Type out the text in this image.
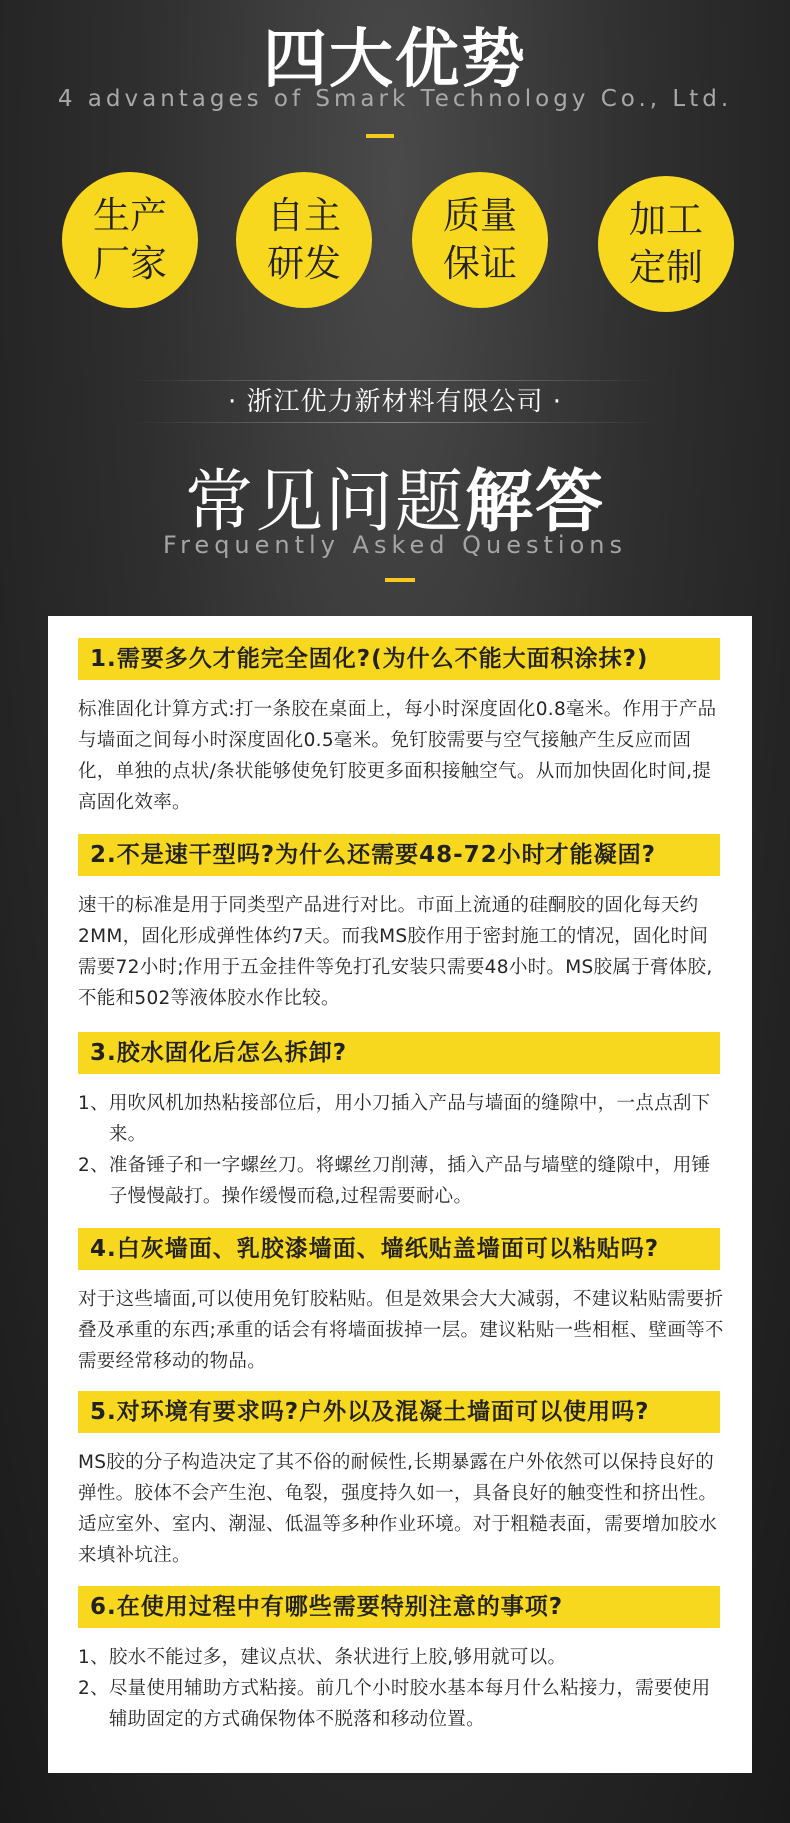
四大优势
4 advantages of Smark Technology Co., Ltd.
生产
厂家
自主
研发
质量
保证
加工
定制
· 浙江优力新材料有限公司 ·
常见问题解答
Frequently Asked Questions
1.需要多久才能完全固化?(为什么不能大面积涂抹?)
标准固化计算方式:打一条胶在桌面上，每小时深度固化0.8毫米。作用于产品与墙面之间每小时深度固化0.5毫米。免钉胶需要与空气接触产生反应而固化，单独的点状/条状能够使免钉胶更多面积接触空气。从而加快固化时间,提高固化效率。
2.不是速干型吗?为什么还需要48-72小时才能凝固?
速干的标准是用于同类型产品进行对比。市面上流通的硅酮胶的固化每天约2MM，固化形成弹性体约7天。而我MS胶作用于密封施工的情况，固化时间需要72小时;作用于五金挂件等免打孔安装只需要48小时。MS胶属于膏体胶,不能和502等液体胶水作比较。
3.胶水固化后怎么拆卸?
1、 用吹风机加热粘接部位后，用小刀插入产品与墙面的缝隙中，一点点刮下来。
2、 准备锤子和一字螺丝刀。将螺丝刀削薄，插入产品与墙壁的缝隙中，用锤子慢慢敲打。操作缓慢而稳,过程需要耐心。
4.白灰墙面、乳胶漆墙面、墙纸贴盖墙面可以粘贴吗?
对于这些墙面,可以使用免钉胶粘贴。但是效果会大大减弱，不建议粘贴需要折叠及承重的东西;承重的话会有将墙面拔掉一层。建议粘贴一些相框、壁画等不需要经常移动的物品。
5.对环境有要求吗?户外以及混凝土墙面可以使用吗?
MS胶的分子构造决定了其不俗的耐候性,长期暴露在户外依然可以保持良好的弹性。胶体不会产生泡、龟裂，强度持久如一，具备良好的触变性和挤出性。适应室外、室内、潮湿、低温等多种作业环境。对于粗糙表面，需要增加胶水来填补坑注。
6.在使用过程中有哪些需要特别注意的事项?
1、 胶水不能过多，建议点状、条状进行上胶,够用就可以。
2、 尽量使用辅助方式粘接。前几个小时胶水基本每月什么粘接力，需要使用辅助固定的方式确保物体不脱落和移动位置。
